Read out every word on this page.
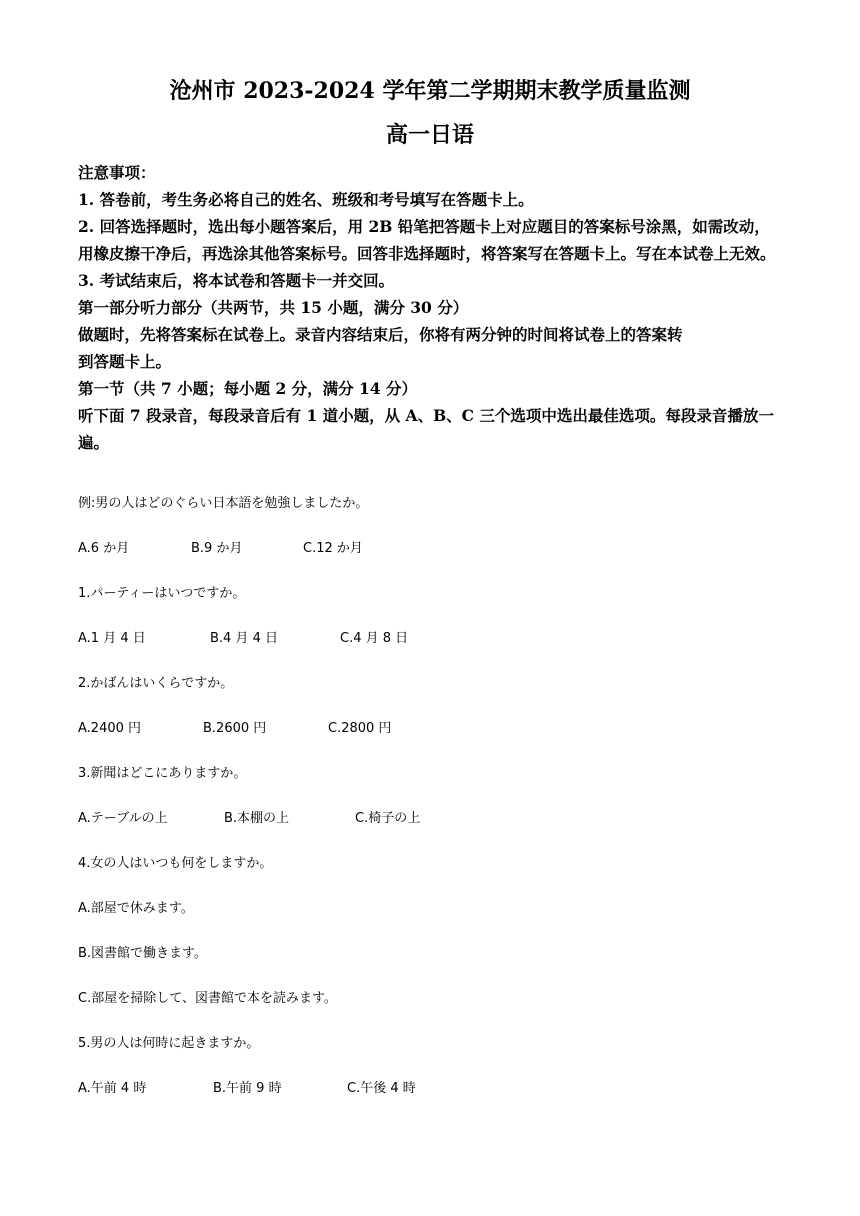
沧州市 2023-2024 学年第二学期期末教学质量监测
高一日语

注意事项：

1. 答卷前，考生务必将自己的姓名、班级和考号填写在答题卡上。

2. 回答选择题时，选出每小题答案后，用 2B 铅笔把答题卡上对应题目的答案标号涂黑，如需改动，用橡皮擦干净后，再选涂其他答案标号。回答非选择题时，将答案写在答题卡上。写在本试卷上无效。

3. 考试结束后，将本试卷和答题卡一并交回。

第一部分听力部分（共两节，共 15 小题，满分 30 分）

做题时，先将答案标在试卷上。录音内容结束后，你将有两分钟的时间将试卷上的答案转

到答题卡上。

第一节（共 7 小题；每小题 2 分，满分 14 分）

听下面 7 段录音，每段录音后有 1 道小题，从 A、B、C 三个选项中选出最佳选项。每段录音播放一遍。

例:男の人はどのぐらい日本語を勉強しましたか。
A.6 か月	B.9 か月	C.12 か月
1.パーティーはいつですか。
A.1 月 4 日	B.4 月 4 日	C.4 月 8 日
2.かばんはいくらですか。
A.2400 円	B.2600 円	C.2800 円
3.新聞はどこにありますか。
A.テーブルの上	B.本棚の上	C.椅子の上
4.女の人はいつも何をしますか。
A.部屋で休みます。
B.図書館で働きます。
C.部屋を掃除して、図書館で本を読みます。
5.男の人は何時に起きますか。
A.午前 4 時	B.午前 9 時	C.午後 4 時
